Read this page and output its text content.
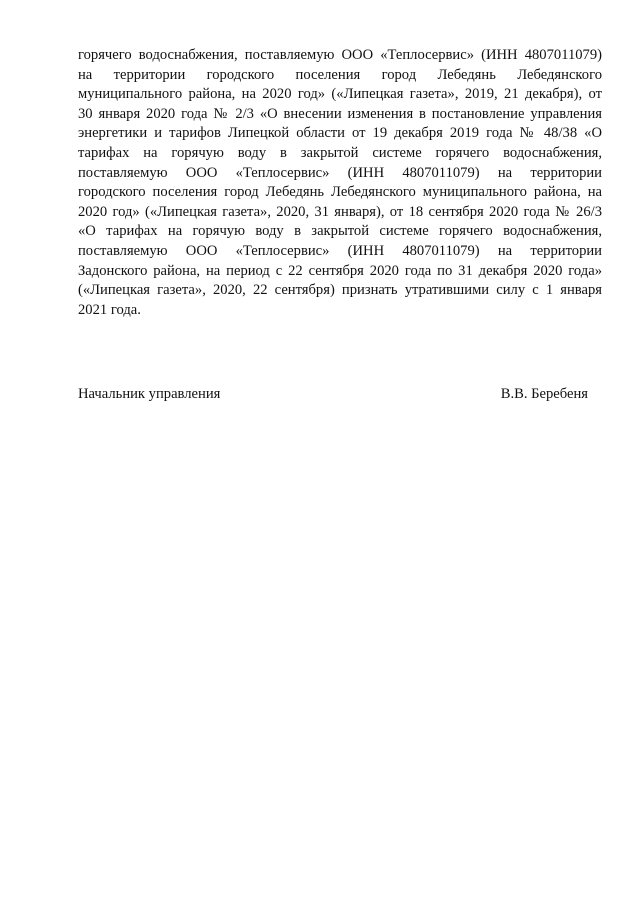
горячего водоснабжения, поставляемую ООО «Теплосервис» (ИНН 4807011079)
на территории городского поселения город Лебедянь Лебедянского
муниципального района, на 2020 год» («Липецкая газета», 2019, 21 декабря), от
30 января 2020 года № 2/3 «О внесении изменения в постановление управления
энергетики и тарифов Липецкой области от 19 декабря 2019 года № 48/38 «О
тарифах на горячую воду в закрытой системе горячего водоснабжения,
поставляемую ООО «Теплосервис» (ИНН 4807011079) на территории
городского поселения город Лебедянь Лебедянского муниципального района, на
2020 год» («Липецкая газета», 2020, 31 января), от 18 сентября 2020 года № 26/3
«О тарифах на горячую воду в закрытой системе горячего водоснабжения,
поставляемую ООО «Теплосервис» (ИНН 4807011079) на территории
Задонского района, на период с 22 сентября 2020 года по 31 декабря 2020 года»
(«Липецкая газета», 2020, 22 сентября) признать утратившими силу с 1 января
2021 года.
Начальник управления	В.В. Беребеня
